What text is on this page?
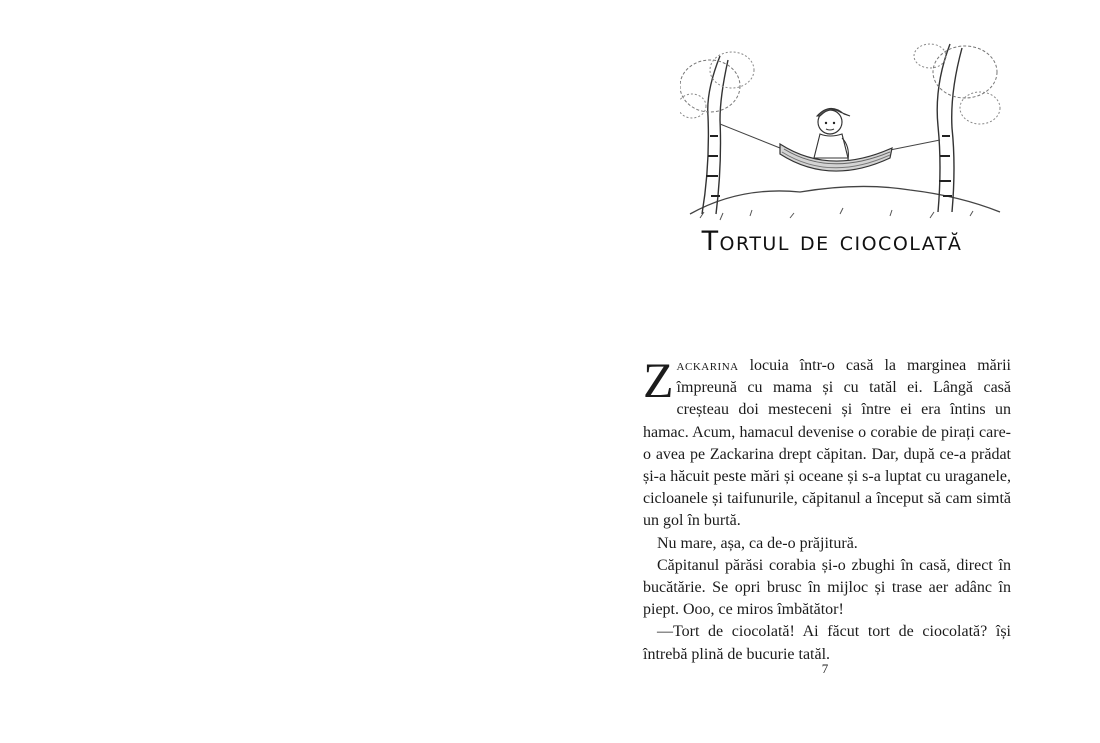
Tortul de ciocolată

Zackarina locuia într-o casă la marginea mării împreună cu mama și cu tatăl ei. Lângă casă creșteau doi mesteceni și între ei era întins un hamac. Acum, hamacul devenise o corabie de pirați care-o avea pe Zackarina drept căpitan. Dar, după ce-a prădat și-a hăcuit peste mări și oceane și s-a luptat cu uraganele, cicloanele și taifunurile, căpitanul a început să cam simtă un gol în burtă.

Nu mare, așa, ca de-o prăjitură.

Căpitanul părăsi corabia și-o zbughi în casă, direct în bucătărie. Se opri brusc în mijloc și trase aer adânc în piept. Ooo, ce miros îmbătător!

—Tort de ciocolată! Ai făcut tort de ciocolată? își întrebă plină de bucurie tatăl.

7
